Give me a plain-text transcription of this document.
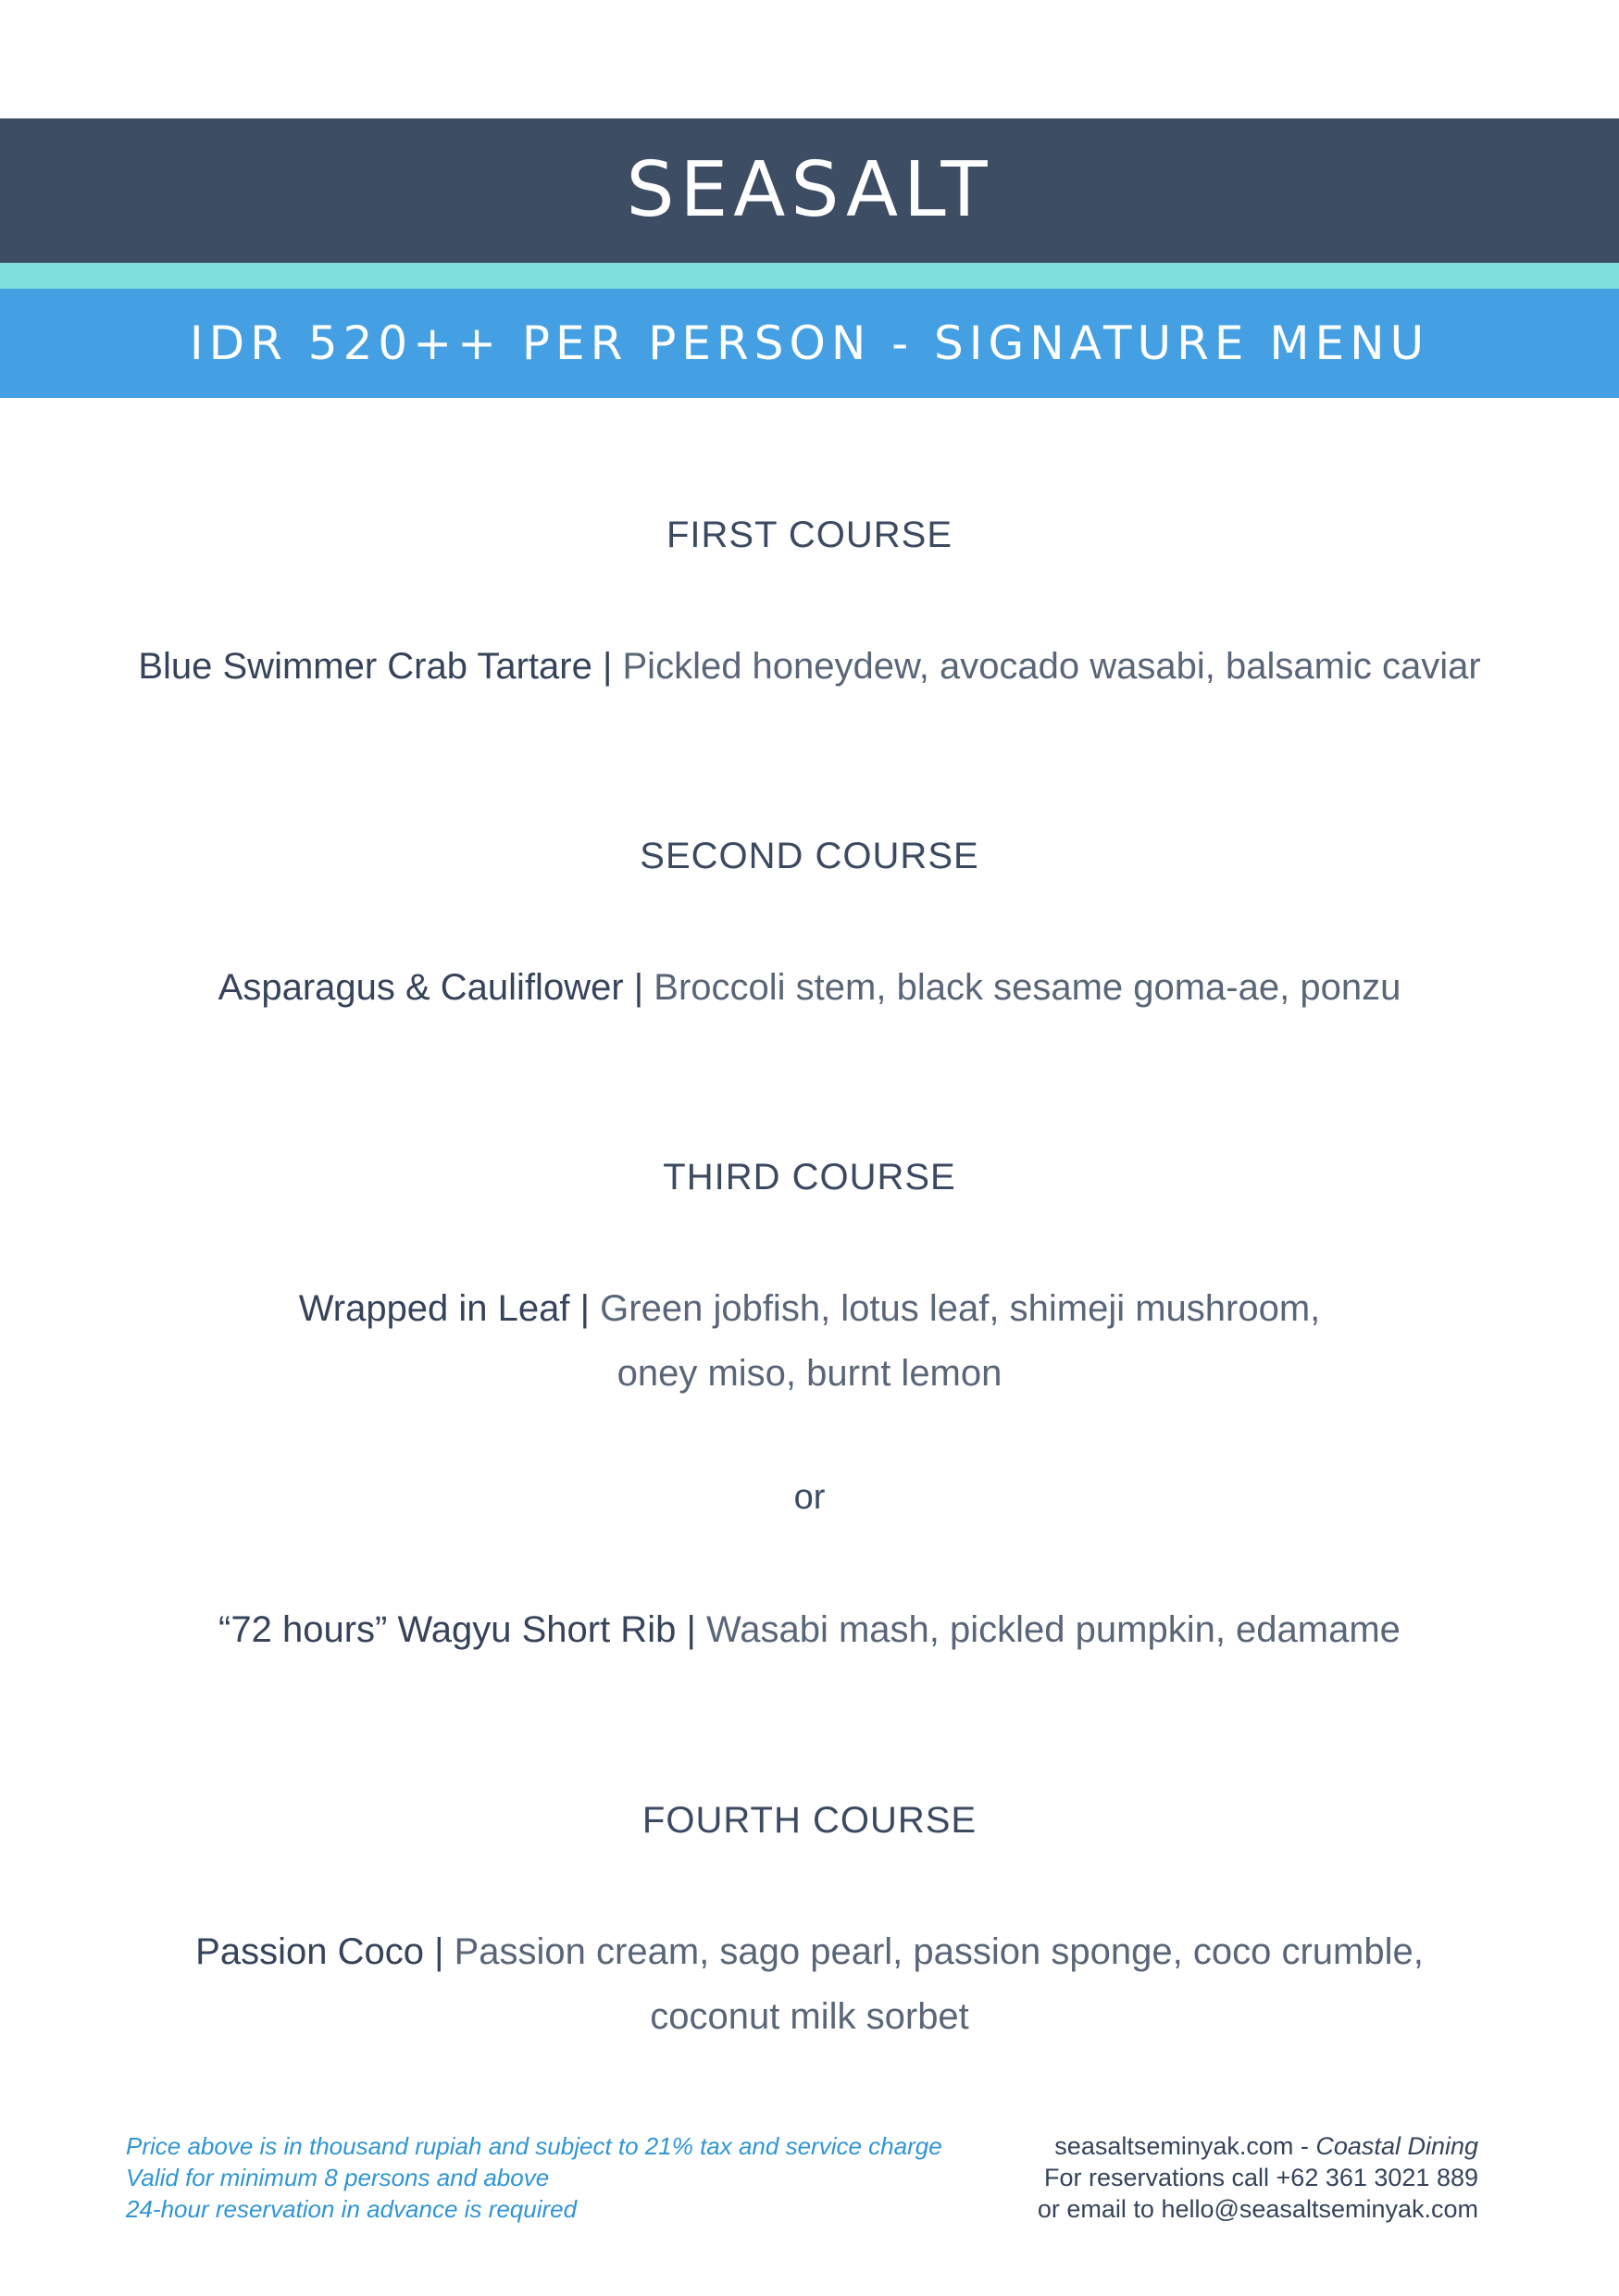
SEASALT
IDR 520++ PER PERSON - SIGNATURE MENU
FIRST COURSE
Blue Swimmer Crab Tartare | Pickled honeydew, avocado wasabi, balsamic caviar
SECOND COURSE
Asparagus & Cauliflower | Broccoli stem, black sesame goma-ae, ponzu
THIRD COURSE
Wrapped in Leaf | Green jobfish, lotus leaf, shimeji mushroom,
oney miso, burnt lemon
or
“72 hours” Wagyu Short Rib | Wasabi mash, pickled pumpkin, edamame
FOURTH COURSE
Passion Coco | Passion cream, sago pearl, passion sponge, coco crumble,
coconut milk sorbet
Price above is in thousand rupiah and subject to 21% tax and service charge
Valid for minimum 8 persons and above
24-hour reservation in advance is required
seasaltseminyak.com - Coastal Dining
For reservations call +62 361 3021 889
or email to hello@seasaltseminyak.com
